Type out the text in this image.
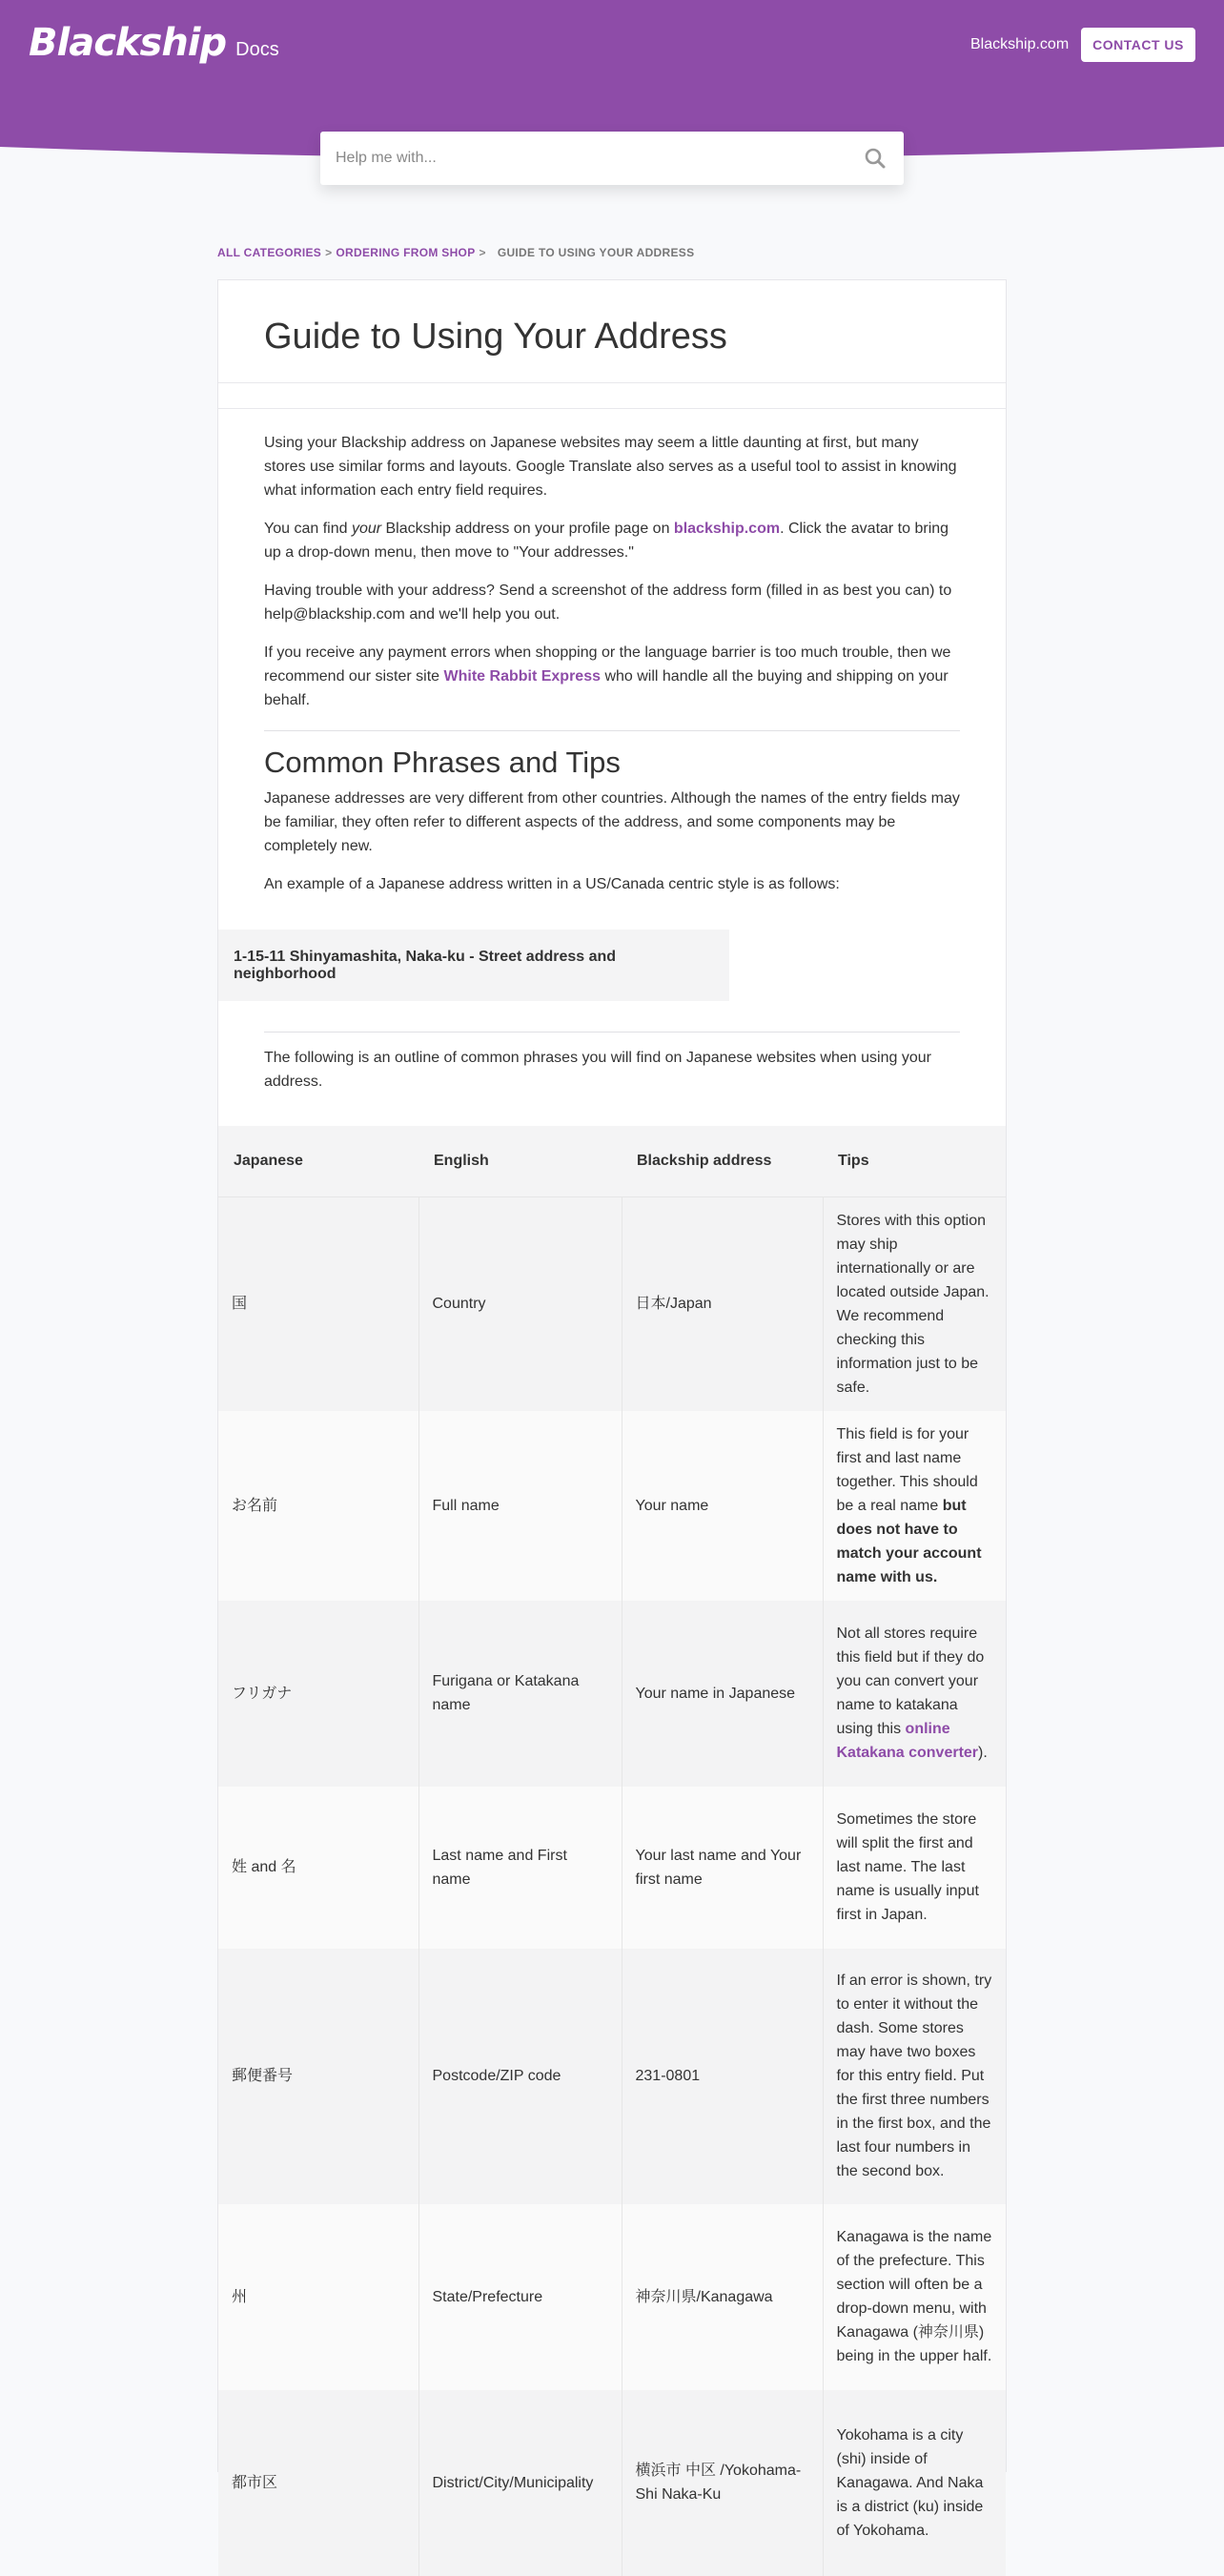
Blackship Docs	Blackship.com	CONTACT US
Help me with...
ALL CATEGORIES > ORDERING FROM SHOP > GUIDE TO USING YOUR ADDRESS
Guide to Using Your Address

Using your Blackship address on Japanese websites may seem a little daunting at first, but many stores use similar forms and layouts. Google Translate also serves as a useful tool to assist in knowing what information each entry field requires.

You can find your Blackship address on your profile page on blackship.com. Click the avatar to bring up a drop-down menu, then move to "Your addresses."

Having trouble with your address? Send a screenshot of the address form (filled in as best you can) to help@blackship.com and we'll help you out.

If you receive any payment errors when shopping or the language barrier is too much trouble, then we recommend our sister site White Rabbit Express who will handle all the buying and shipping on your behalf.

Common Phrases and Tips

Japanese addresses are very different from other countries. Although the names of the entry fields may be familiar, they often refer to different aspects of the address, and some components may be completely new.

An example of a Japanese address written in a US/Canada centric style is as follows:

1-15-11 Shinyamashita, Naka-ku - Street address and neighborhood

The following is an outline of common phrases you will find on Japanese websites when using your address.

Japanese	English	Blackship address	Tips
国	Country	日本/Japan	Stores with this option may ship internationally or are located outside Japan. We recommend checking this information just to be safe.
お名前	Full name	Your name	This field is for your first and last name together. This should be a real name but does not have to match your account name with us.
フリガナ	Furigana or Katakana name	Your name in Japanese	Not all stores require this field but if they do you can convert your name to katakana using this online Katakana converter).
姓 and 名	Last name and First name	Your last name and Your first name	Sometimes the store will split the first and last name. The last name is usually input first in Japan.
郵便番号	Postcode/ZIP code	231-0801	If an error is shown, try to enter it without the dash. Some stores may have two boxes for this entry field. Put the first three numbers in the first box, and the last four numbers in the second box.
州	State/Prefecture	神奈川県/Kanagawa	Kanagawa is the name of the prefecture. This section will often be a drop-down menu, with Kanagawa (神奈川県) being in the upper half.
都市区	District/City/Municipality	横浜市 中区 /Yokohama-Shi Naka-Ku	Yokohama is a city (shi) inside of Kanagawa. And Naka is a district (ku) inside of Yokohama.
